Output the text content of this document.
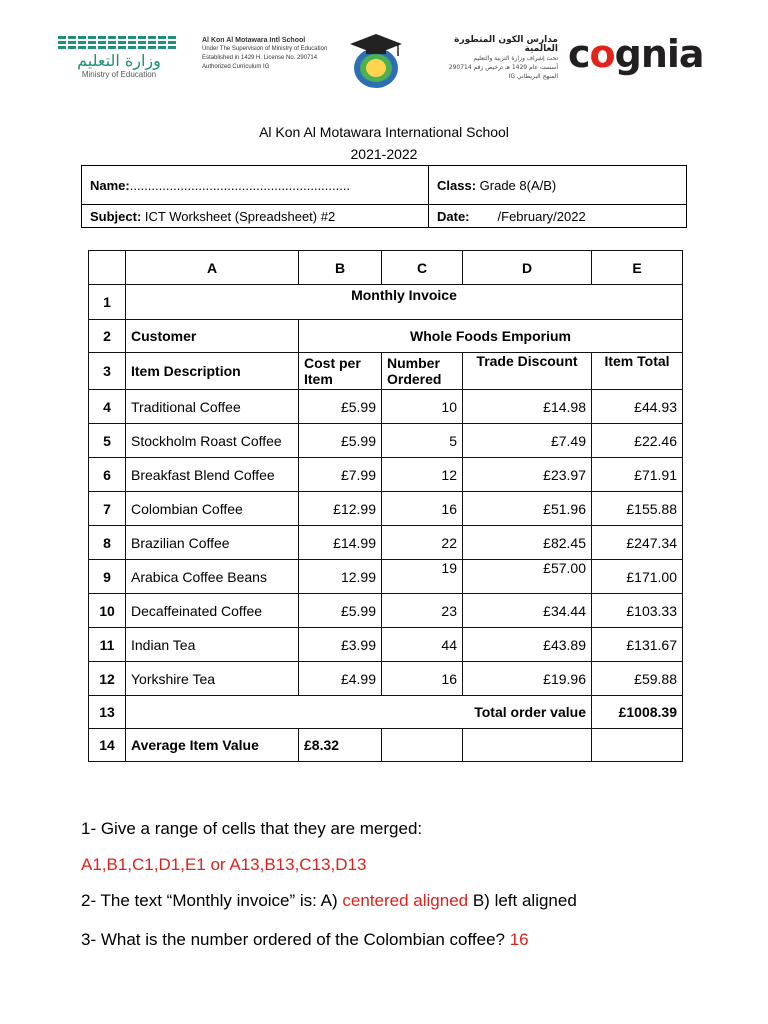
وزارة التعليم
Ministry of Education
Al Kon Al Motawara Intl School
Under The Supervision of Ministry of Education
Established in 1429 H. License No. 290714
Authorized Curriculum IG
مدارس الكون المتطورة العالمية
تحت إشراف وزارة التربية والتعليم
أسست عام 1429 هـ ترخيص رقم 290714
المنهج البريطاني IG
cognia
Al Kon Al Motawara International School
2021-2022
Name:.............................................................	Class: Grade 8(A/B)
Subject: ICT Worksheet (Spreadsheet) #2	Date: /February/2022
	A	B	C	D	E
1	Monthly Invoice				
2	Customer	Whole Foods Emporium			
3	Item Description	Cost per Item	Number Ordered	Trade Discount	Item Total
4	Traditional Coffee	£5.99	10	£14.98	£44.93
5	Stockholm Roast Coffee	£5.99	5	£7.49	£22.46
6	Breakfast Blend Coffee	£7.99	12	£23.97	£71.91
7	Colombian Coffee	£12.99	16	£51.96	£155.88
8	Brazilian Coffee	£14.99	22	£82.45	£247.34
9	Arabica Coffee Beans	12.99	19	£57.00	£171.00
10	Decaffeinated Coffee	£5.99	23	£34.44	£103.33
11	Indian Tea	£3.99	44	£43.89	£131.67
12	Yorkshire Tea	£4.99	16	£19.96	£59.88
13	Total order value				£1008.39
14	Average Item Value	£8.32			
1- Give a range of cells that they are merged:
A1,B1,C1,D1,E1 or A13,B13,C13,D13
2- The text “Monthly invoice” is: A) centered aligned B) left aligned
3- What is the number ordered of the Colombian coffee? 16
